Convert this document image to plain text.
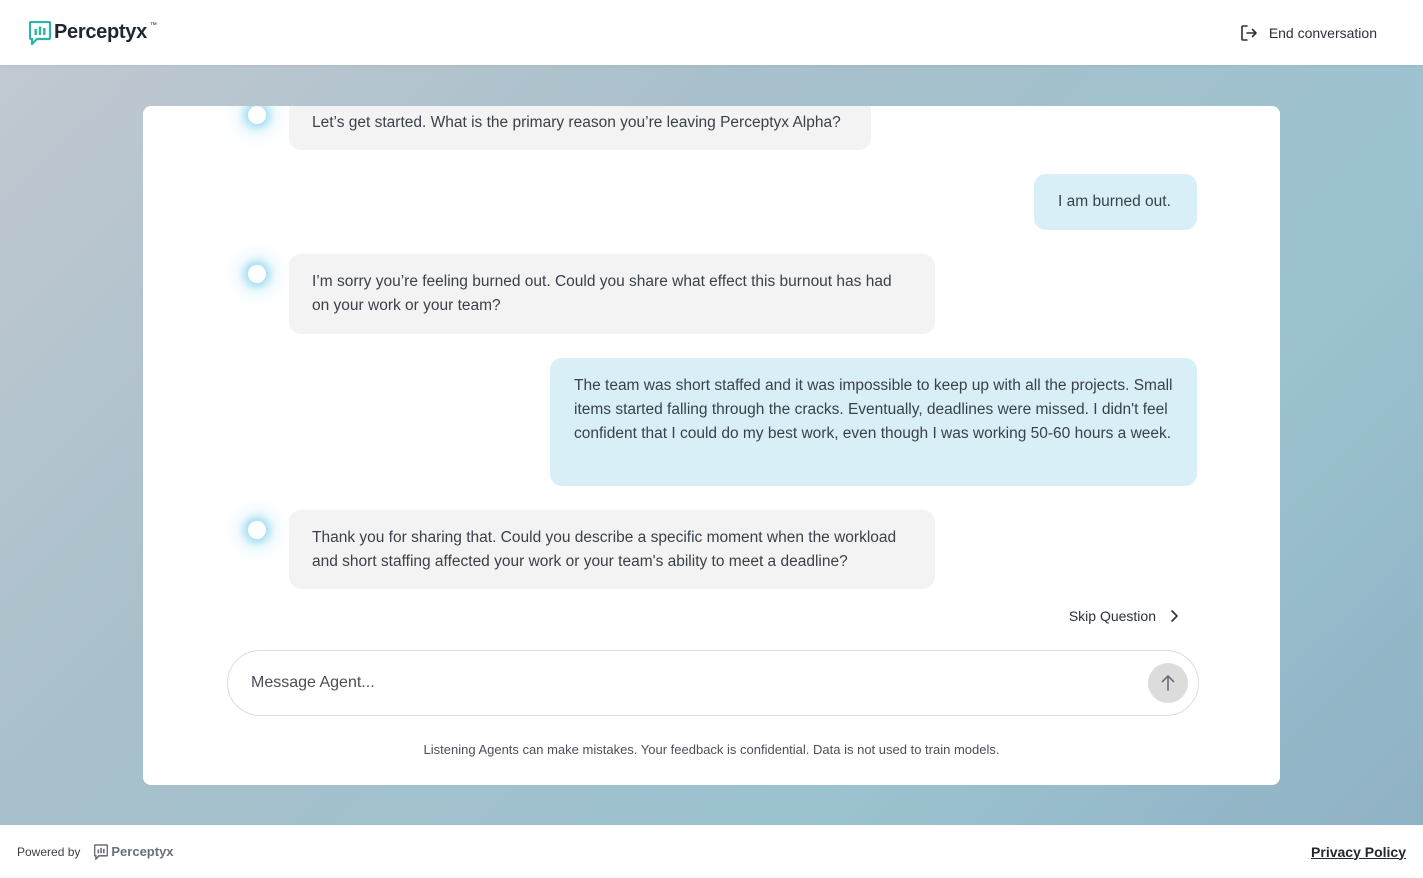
Perceptyx ™	End conversation
Let’s get started. What is the primary reason you’re leaving Perceptyx Alpha?
I am burned out.
I’m sorry you’re feeling burned out. Could you share what effect this burnout has had on your work or your team?
The team was short staffed and it was impossible to keep up with all the projects. Small items started falling through the cracks. Eventually, deadlines were missed. I didn't feel confident that I could do my best work, even though I was working 50-60 hours a week.
Thank you for sharing that. Could you describe a specific moment when the workload and short staffing affected your work or your team's ability to meet a deadline?
Skip Question
Message Agent...
Listening Agents can make mistakes. Your feedback is confidential. Data is not used to train models.
Powered by Perceptyx	Privacy Policy
